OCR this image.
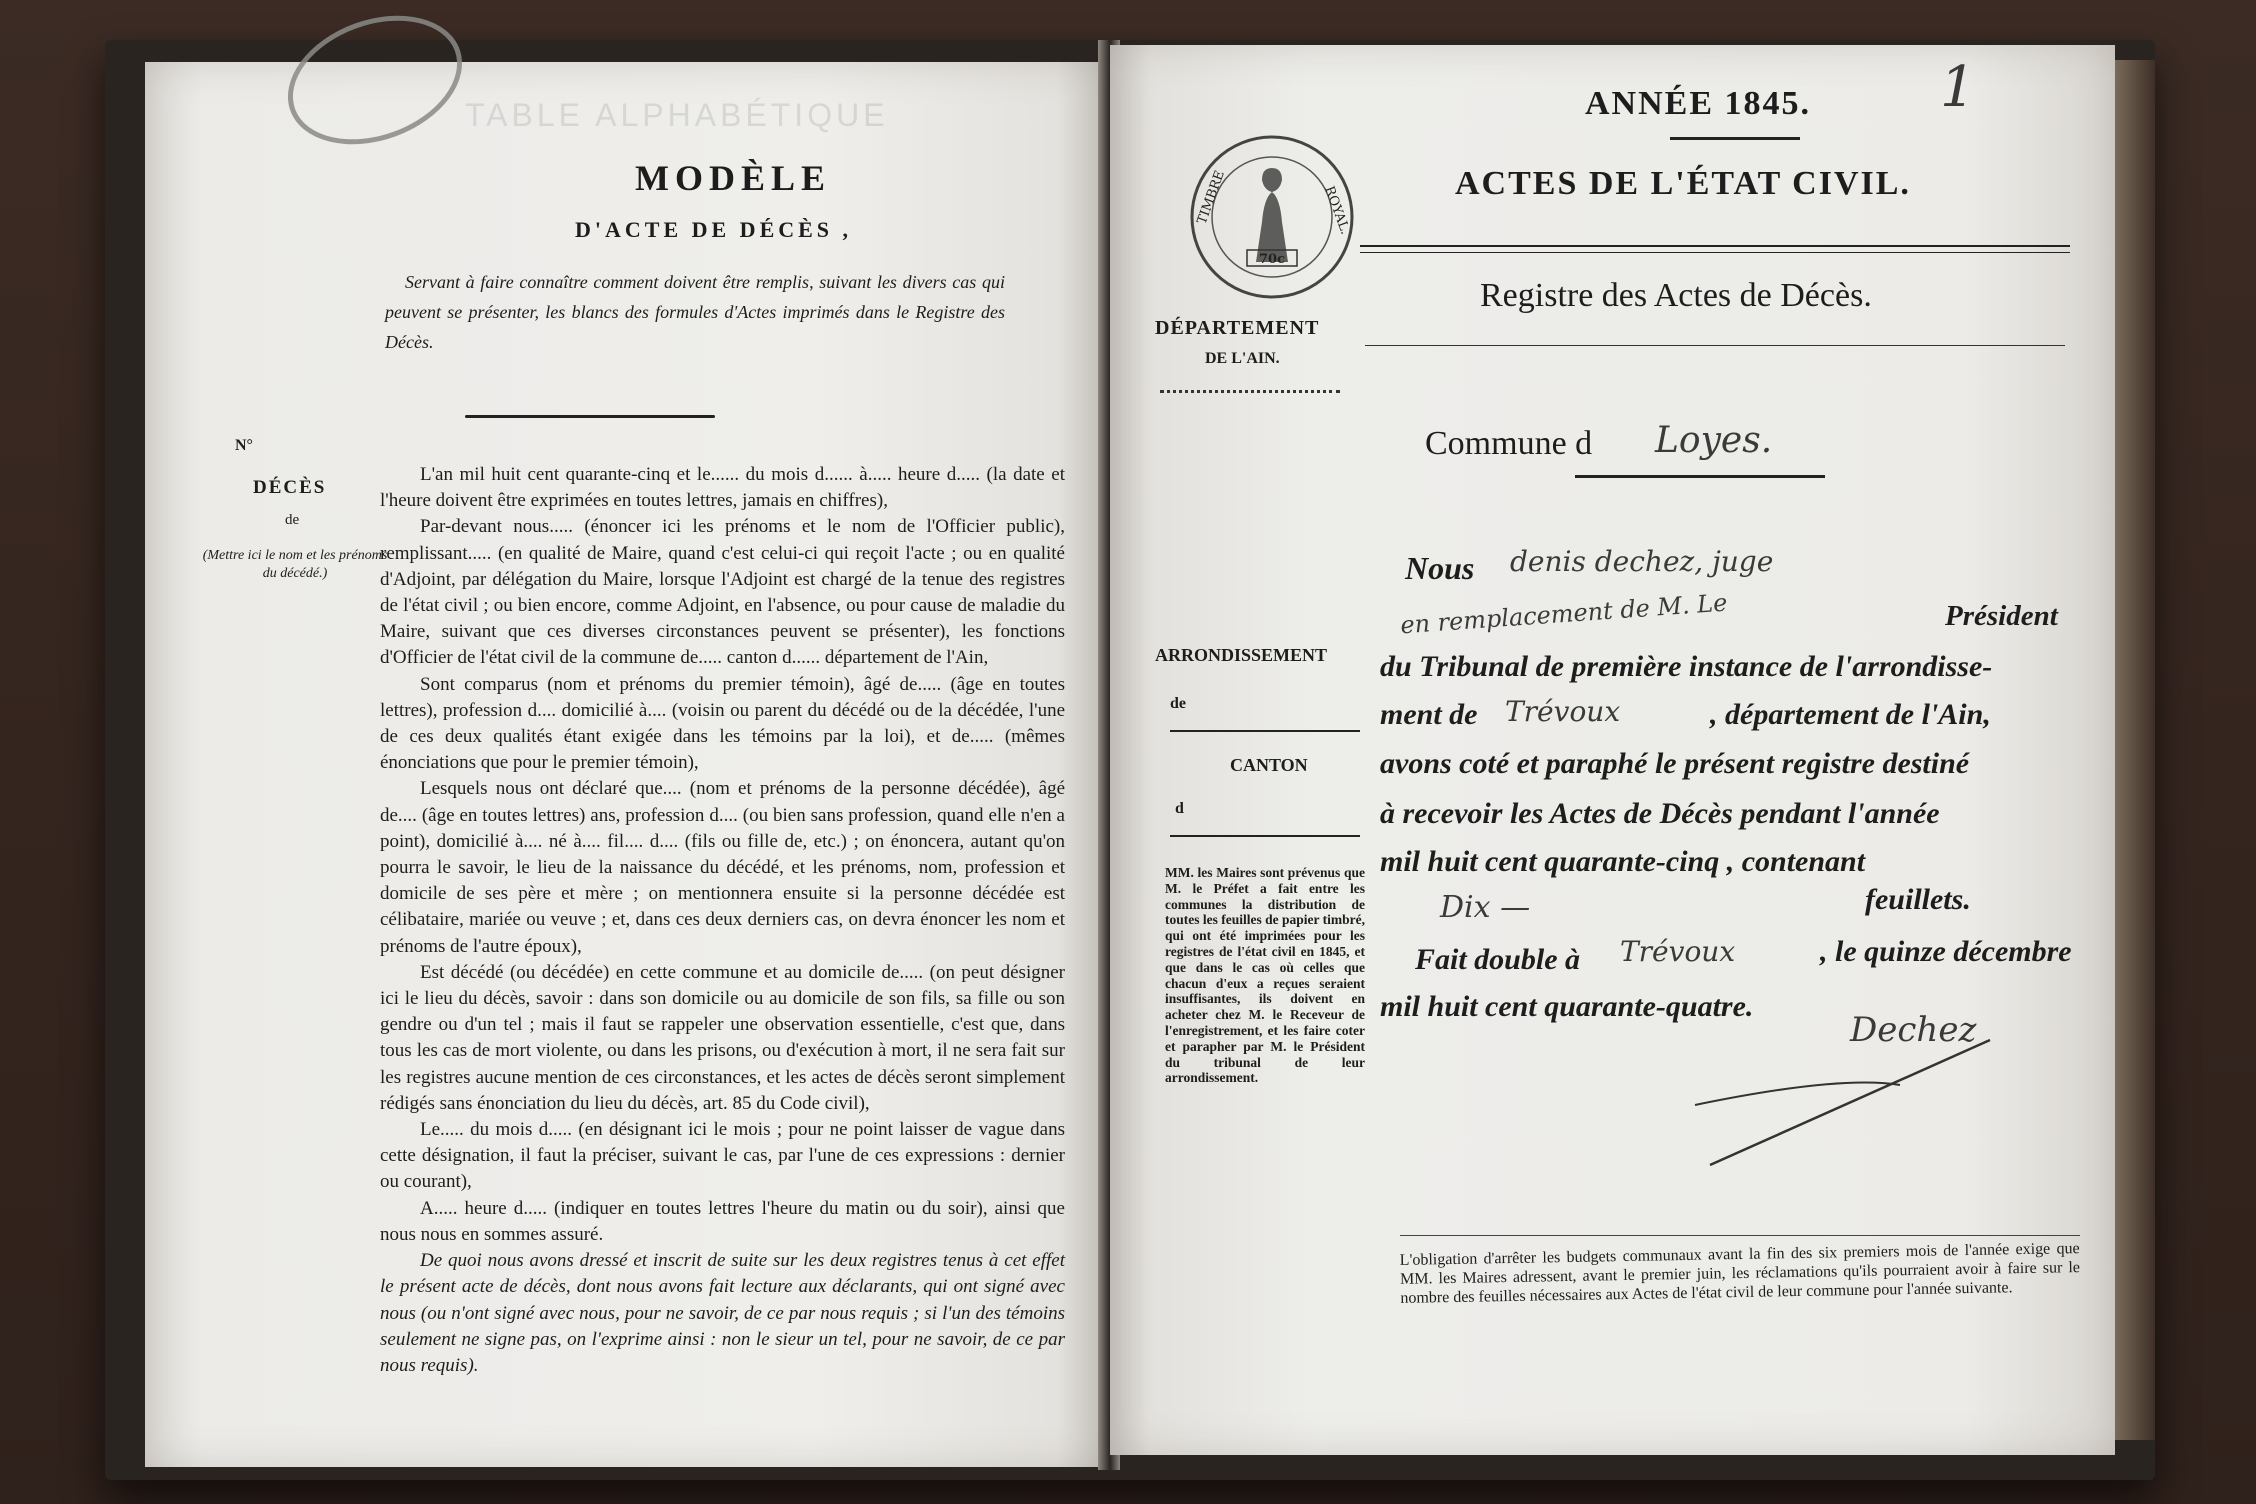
TABLE ALPHABÉTIQUE
MODÈLE
D'ACTE DE DÉCÈS ,
Servant à faire connaître comment doivent être remplis, suivant les divers cas qui peuvent se présenter, les blancs des formules d'Actes imprimés dans le Registre des Décès.
N°
DÉCÈS
de
(Mettre ici le nom et les prénoms du décédé.)

L'an mil huit cent quarante-cinq et le...... du mois d...... à..... heure d..... (la date et l'heure doivent être exprimées en toutes lettres, jamais en chiffres),

Par-devant nous..... (énoncer ici les prénoms et le nom de l'Officier public), remplissant..... (en qualité de Maire, quand c'est celui-ci qui reçoit l'acte ; ou en qualité d'Adjoint, par délégation du Maire, lorsque l'Adjoint est chargé de la tenue des registres de l'état civil ; ou bien encore, comme Adjoint, en l'absence, ou pour cause de maladie du Maire, suivant que ces diverses circonstances peuvent se présenter), les fonctions d'Officier de l'état civil de la commune de..... canton d...... département de l'Ain,

Sont comparus (nom et prénoms du premier témoin), âgé de..... (âge en toutes lettres), profession d.... domicilié à.... (voisin ou parent du décédé ou de la décédée, l'une de ces deux qualités étant exigée dans les témoins par la loi), et de..... (mêmes énonciations que pour le premier témoin),

Lesquels nous ont déclaré que.... (nom et prénoms de la personne décédée), âgé de.... (âge en toutes lettres) ans, profession d.... (ou bien sans profession, quand elle n'en a point), domicilié à.... né à.... fil.... d.... (fils ou fille de, etc.) ; on énoncera, autant qu'on pourra le savoir, le lieu de la naissance du décédé, et les prénoms, nom, profession et domicile de ses père et mère ; on mentionnera ensuite si la personne décédée est célibataire, mariée ou veuve ; et, dans ces deux derniers cas, on devra énoncer les nom et prénoms de l'autre époux),

Est décédé (ou décédée) en cette commune et au domicile de..... (on peut désigner ici le lieu du décès, savoir : dans son domicile ou au domicile de son fils, sa fille ou son gendre ou d'un tel ; mais il faut se rappeler une observation essentielle, c'est que, dans tous les cas de mort violente, ou dans les prisons, ou d'exécution à mort, il ne sera fait sur les registres aucune mention de ces circonstances, et les actes de décès seront simplement rédigés sans énonciation du lieu du décès, art. 85 du Code civil),

Le..... du mois d..... (en désignant ici le mois ; pour ne point laisser de vague dans cette désignation, il faut la préciser, suivant le cas, par l'une de ces expressions : dernier ou courant),

A..... heure d..... (indiquer en toutes lettres l'heure du matin ou du soir), ainsi que nous nous en sommes assuré.

De quoi nous avons dressé et inscrit de suite sur les deux registres tenus à cet effet le présent acte de décès, dont nous avons fait lecture aux déclarants, qui ont signé avec nous (ou n'ont signé avec nous, pour ne savoir, de ce par nous requis ; si l'un des témoins seulement ne signe pas, on l'exprime ainsi : non le sieur un tel, pour ne savoir, de ce par nous requis).

1
ANNÉE 1845.
70c
TIMBRE	ROYAL.
ACTES DE L'ÉTAT CIVIL.
Registre des Actes de Décès.
DÉPARTEMENT
DE L'AIN.
Commune d Loyes.
Nous denis dechez, juge
en remplacement de M. Le	Président
ARRONDISSEMENT
de
du Tribunal de première instance de l'arrondisse-
ment de Trévoux	, département de l'Ain,
CANTON
d
avons coté et paraphé le présent registre destiné
à recevoir les Actes de Décès pendant l'année
mil huit cent quarante-cinq , contenant
MM. les Maires sont prévenus que M. le Préfet a fait entre les communes la distribution de toutes les feuilles de papier timbré, qui ont été imprimées pour les registres de l'état civil en 1845, et que dans le cas où celles que chacun d'eux a reçues seraient insuffisantes, ils doivent en acheter chez M. le Receveur de l'enregistrement, et les faire coter et parapher par M. le Président du tribunal de leur arrondissement.
Dix —	feuillets.
Fait double à Trévoux	, le quinze décembre
mil huit cent quarante-quatre.
Dechez
L'obligation d'arrêter les budgets communaux avant la fin des six premiers mois de l'année exige que MM. les Maires adressent, avant le premier juin, les réclamations qu'ils pourraient avoir à faire sur le nombre des feuilles nécessaires aux Actes de l'état civil de leur commune pour l'année suivante.
